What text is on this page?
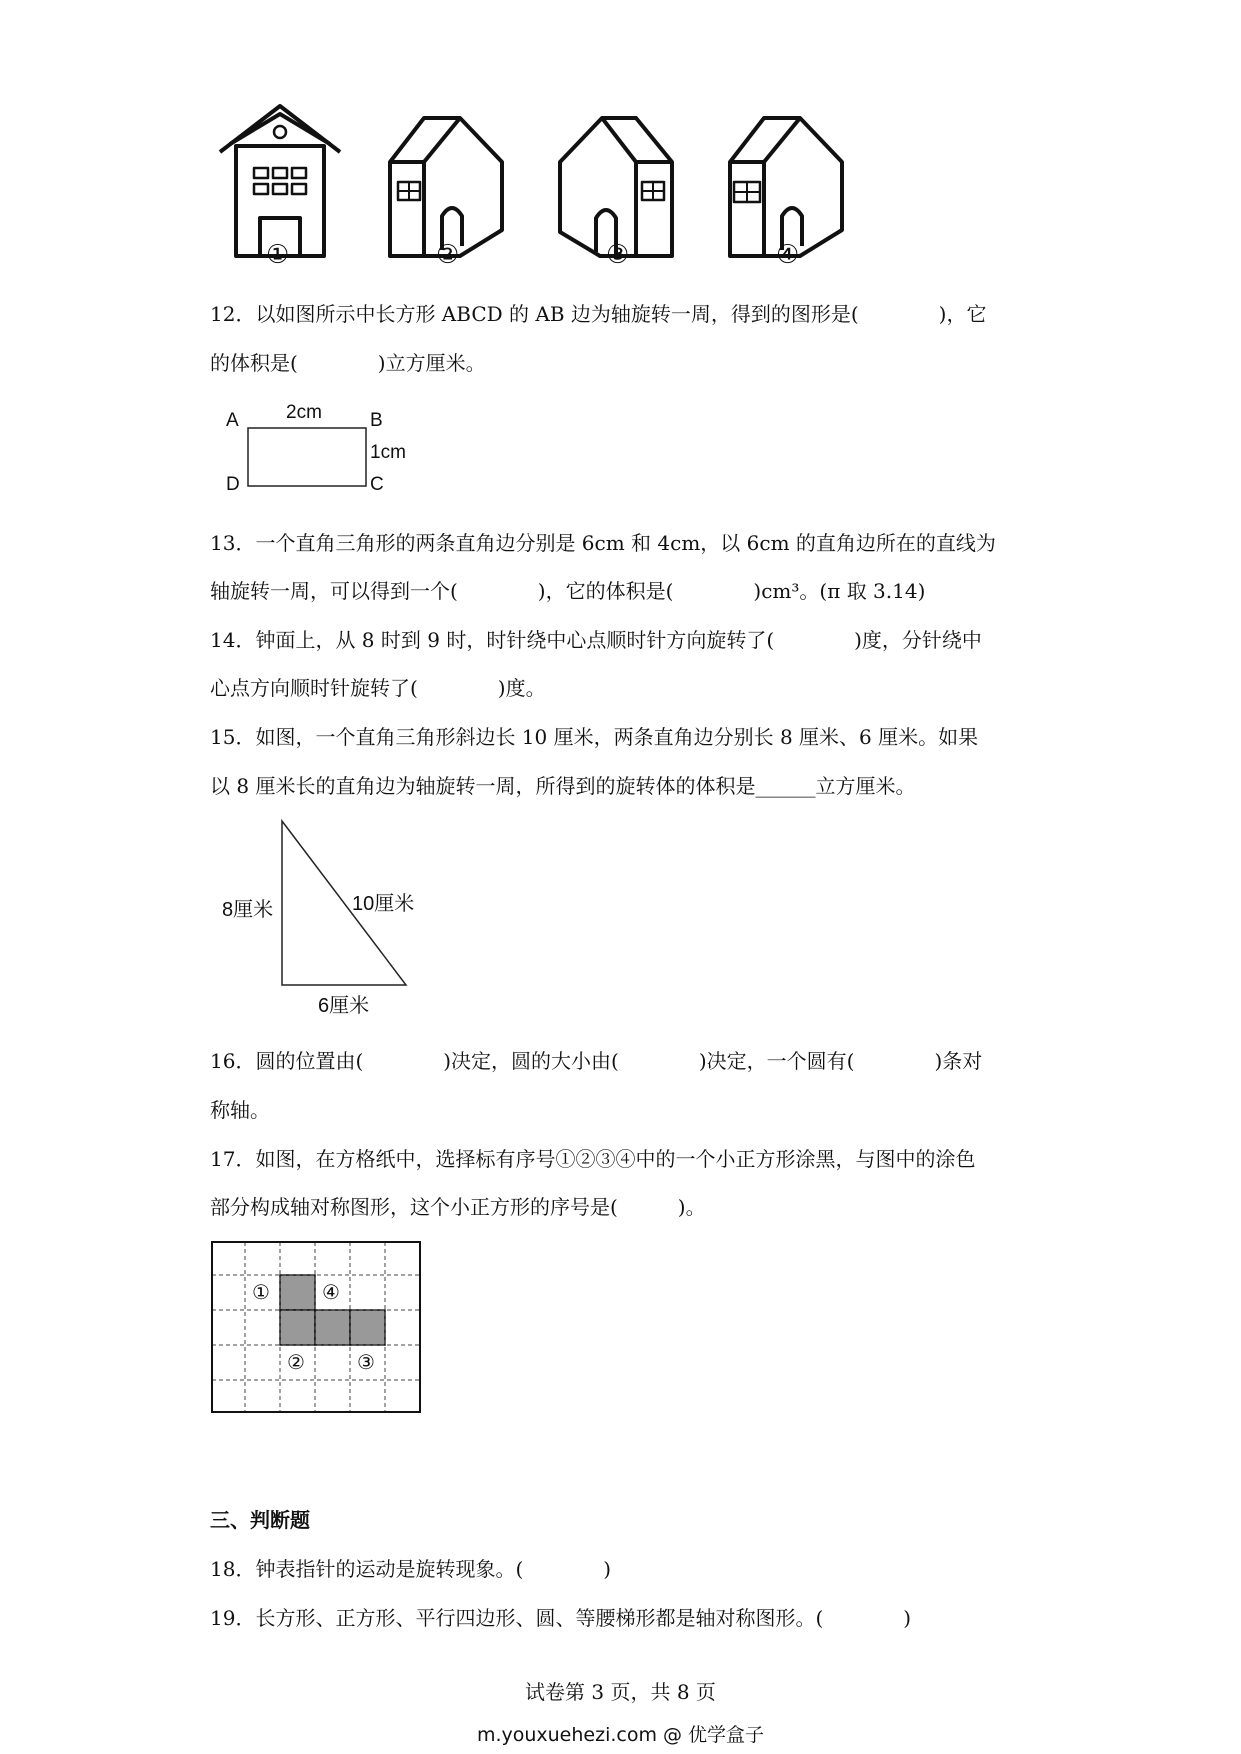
①	②	③	④
12．以如图所示中长方形 ABCD 的 AB 边为轴旋转一周，得到的图形是(　　　　)，它
的体积是(　　　　)立方厘米。
A	B
C
D
2cm
1cm
13．一个直角三角形的两条直角边分别是 6cm 和 4cm，以 6cm 的直角边所在的直线为
轴旋转一周，可以得到一个(　　　　)，它的体积是(　　　　)cm³。(π 取 3.14)
14．钟面上，从 8 时到 9 时，时针绕中心点顺时针方向旋转了(　　　　)度，分针绕中
心点方向顺时针旋转了(　　　　)度。
15．如图，一个直角三角形斜边长 10 厘米，两条直角边分别长 8 厘米、6 厘米。如果
以 8 厘米长的直角边为轴旋转一周，所得到的旋转体的体积是______立方厘米。
8厘米	10厘米
6厘米
16．圆的位置由(　　　　)决定，圆的大小由(　　　　)决定，一个圆有(　　　　)条对
称轴。
17．如图，在方格纸中，选择标有序号①②③④中的一个小正方形涂黑，与图中的涂色
部分构成轴对称图形，这个小正方形的序号是(　　　)。
①	④
②	③
三、判断题
18．钟表指针的运动是旋转现象。(　　　　)
19．长方形、正方形、平行四边形、圆、等腰梯形都是轴对称图形。(　　　　)
试卷第 3 页，共 8 页
m.youxuehezi.com @ 优学盒子
